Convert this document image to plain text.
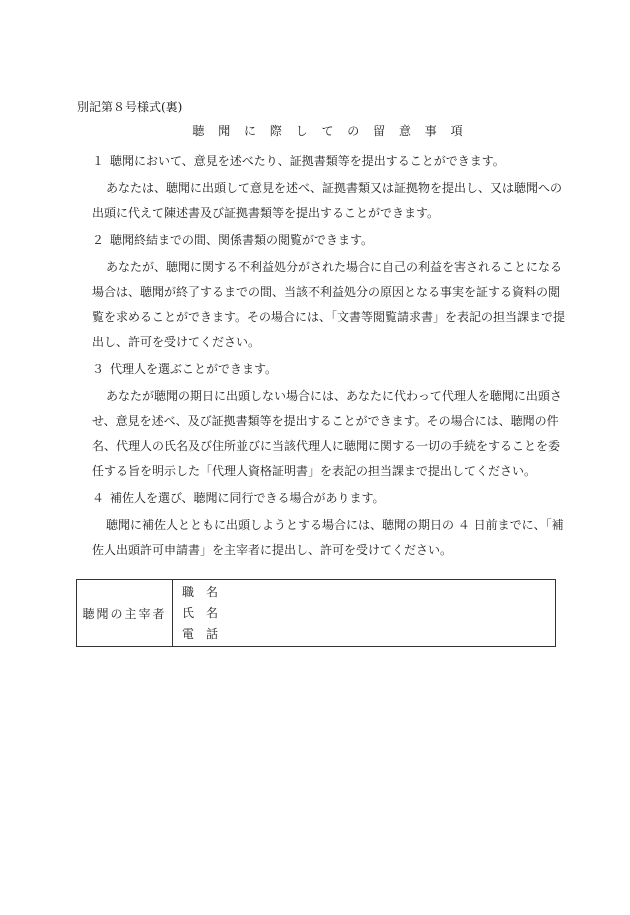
別記第８号様式(裏)
聴 聞 に 際 し て の 留 意 事 項
１ 聴聞において、意見を述べたり、証拠書類等を提出することができます。
あなたは、聴聞に出頭して意見を述べ、証拠書類又は証拠物を提出し、又は聴聞への
出頭に代えて陳述書及び証拠書類等を提出することができます。
２ 聴聞終結までの間、関係書類の閲覧ができます。
あなたが、聴聞に関する不利益処分がされた場合に自己の利益を害されることになる
場合は、聴聞が終了するまでの間、当該不利益処分の原因となる事実を証する資料の閲
覧を求めることができます。その場合には、「文書等閲覧請求書」を表記の担当課まで提
出し、許可を受けてください。
３ 代理人を選ぶことができます。
あなたが聴聞の期日に出頭しない場合には、あなたに代わって代理人を聴聞に出頭さ
せ、意見を述べ、及び証拠書類等を提出することができます。その場合には、聴聞の件
名、代理人の氏名及び住所並びに当該代理人に聴聞に関する一切の手続をすることを委
任する旨を明示した「代理人資格証明書」を表記の担当課まで提出してください。
４ 補佐人を選び、聴聞に同行できる場合があります。
聴聞に補佐人とともに出頭しようとする場合には、聴聞の期日の ４ 日前までに、「補
佐人出頭許可申請書」を主宰者に提出し、許可を受けてください。
聴聞の主宰者
職名
氏名
電話
